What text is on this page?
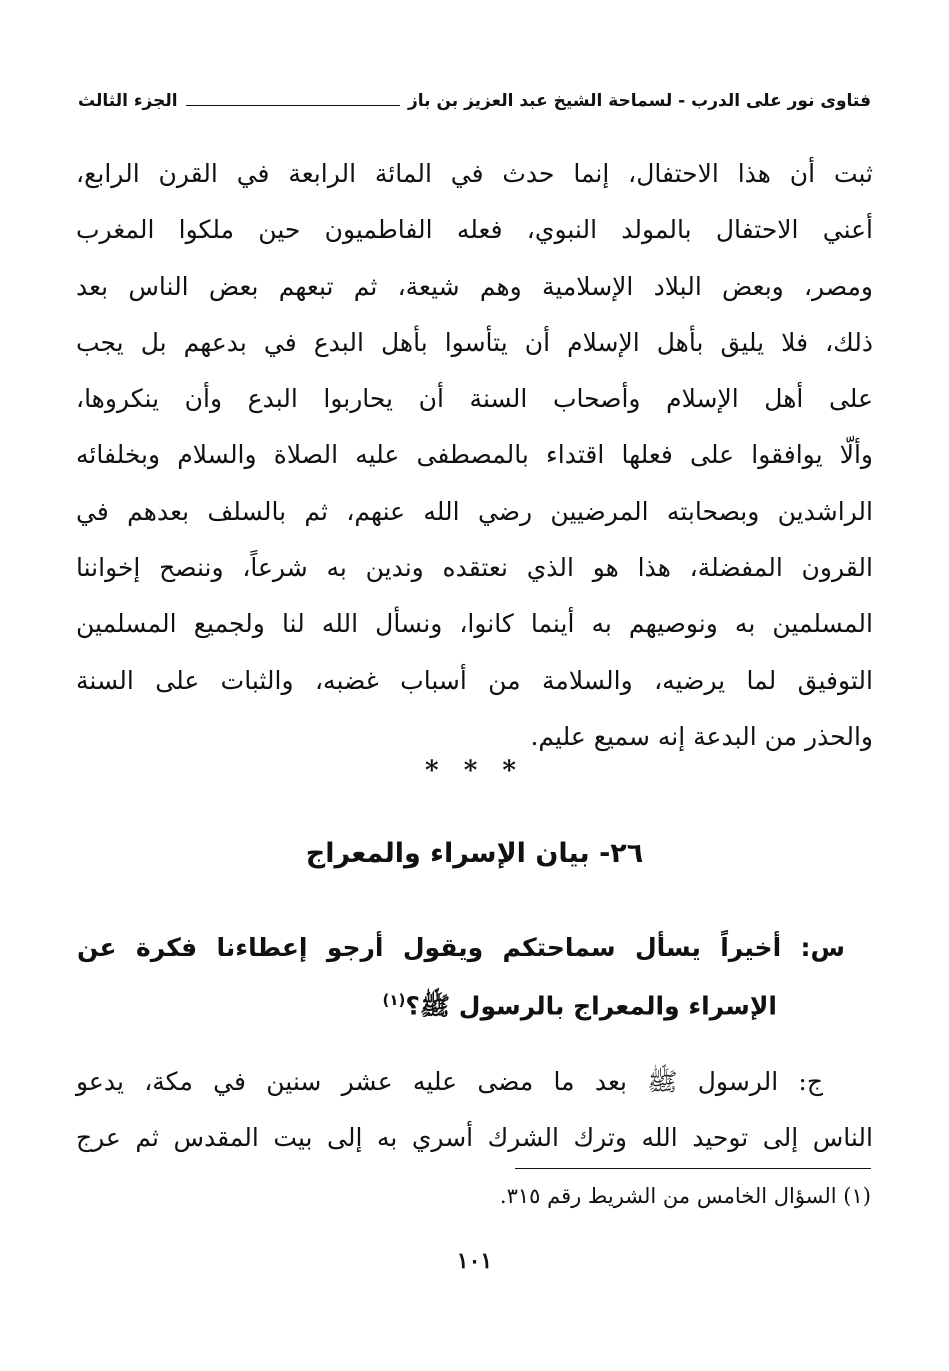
فتاوى نور على الدرب - لسماحة الشيخ عبد العزيز بن باز
الجزء الثالث
ثبت أن هذا الاحتفال، إنما حدث في المائة الرابعة في القرن الرابع،
أعني الاحتفال بالمولد النبوي، فعله الفاطميون حين ملكوا المغرب
ومصر، وبعض البلاد الإسلامية وهم شيعة، ثم تبعهم بعض الناس بعد
ذلك، فلا يليق بأهل الإسلام أن يتأسوا بأهل البدع في بدعهم بل يجب
على أهل الإسلام وأصحاب السنة أن يحاربوا البدع وأن ينكروها،
وألّا يوافقوا على فعلها اقتداء بالمصطفى عليه الصلاة والسلام وبخلفائه
الراشدين وبصحابته المرضيين رضي الله عنهم، ثم بالسلف بعدهم في
القرون المفضلة، هذا هو الذي نعتقده وندين به شرعاً، وننصح إخواننا
المسلمين به ونوصيهم به أينما كانوا، ونسأل الله لنا ولجميع المسلمين
التوفيق لما يرضيه، والسلامة من أسباب غضبه، والثبات على السنة
والحذر من البدعة إنه سميع عليم.
* * *
٢٦- بيان الإسراء والمعراج
س: أخيراً يسأل سماحتكم ويقول أرجو إعطاءنا فكرة عن
الإسراء والمعراج بالرسول ﷺ؟$^{(١)}$
ج: الرسول ﷺ بعد ما مضى عليه عشر سنين في مكة، يدعو
الناس إلى توحيد الله وترك الشرك أسري به إلى بيت المقدس ثم عرج
(١) السؤال الخامس من الشريط رقم ٣١٥.
١٠١
